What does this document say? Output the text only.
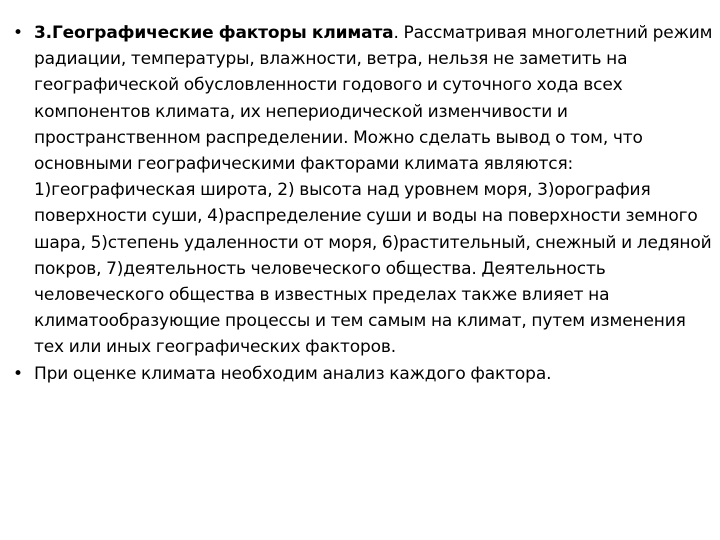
• 3.Географические факторы климата. Рассматривая многолетний режим радиации, температуры, влажности, ветра, нельзя не заметить на географической обусловленности годового и суточного хода всех компонентов климата, их непериодической изменчивости и пространственном распределении. Можно сделать вывод о том, что основными географическими факторами климата являются: 1)географическая широта, 2) высота над уровнем моря, 3)орография поверхности суши, 4)распределение суши и воды на поверхности земного шара, 5)степень удаленности от моря, 6)растительный, снежный и ледяной покров, 7)деятельность человеческого общества. Деятельность человеческого общества в известных пределах также влияет на климатообразующие процессы и тем самым на климат, путем изменения тех или иных географических факторов.
• При оценке климата необходим анализ каждого фактора.
